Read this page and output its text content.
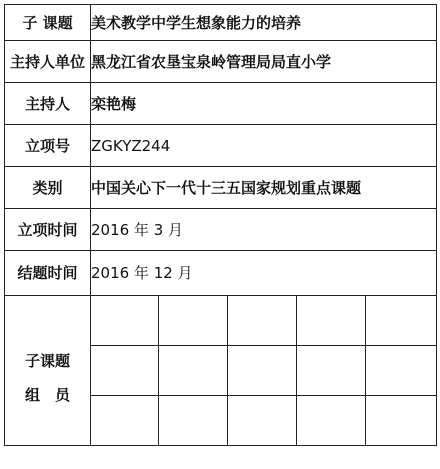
子 课题	美术教学中学生想象能力的培养				
主持人单位	黑龙江省农垦宝泉岭管理局局直小学				
主持人	栾艳梅				
立项号	ZGKYZ244				
类别	中国关心下一代十三五国家规划重点课题				
立项时间	2016 年 3 月				
结题时间	2016 年 12 月				

子课题
组　员					
